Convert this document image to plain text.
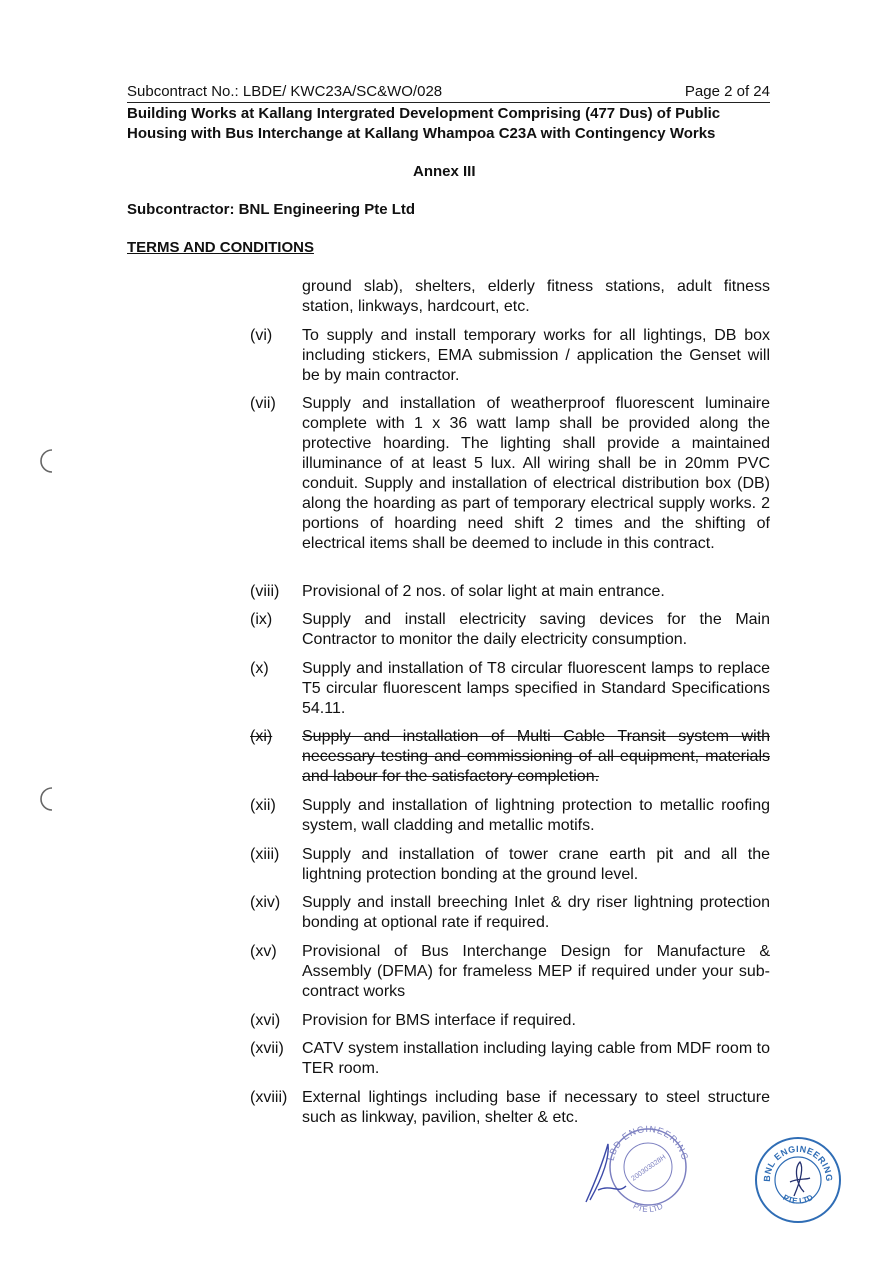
Subcontract No.: LBDE/ KWC23A/SC&WO/028	Page 2 of 24
Building Works at Kallang Intergrated Development Comprising (477 Dus) of Public Housing with Bus Interchange at Kallang Whampoa C23A with Contingency Works
Annex III
Subcontractor: BNL Engineering Pte Ltd
TERMS AND CONDITIONS
ground slab), shelters, elderly fitness stations, adult fitness station, linkways, hardcourt, etc.
(vi)	To supply and install temporary works for all lightings, DB box including stickers, EMA submission / application the Genset will be by main contractor.
(vii)	Supply and installation of weatherproof fluorescent luminaire complete with 1 x 36 watt lamp shall be provided along the protective hoarding. The lighting shall provide a maintained illuminance of at least 5 lux. All wiring shall be in 20mm PVC conduit. Supply and installation of electrical distribution box (DB) along the hoarding as part of temporary electrical supply works. 2 portions of hoarding need shift 2 times and the shifting of electrical items shall be deemed to include in this contract.
(viii)	Provisional of 2 nos. of solar light at main entrance.
(ix)	Supply and install electricity saving devices for the Main Contractor to monitor the daily electricity consumption.
(x)	Supply and installation of T8 circular fluorescent lamps to replace T5 circular fluorescent lamps specified in Standard Specifications 54.11.
(xi)	Supply and installation of Multi Cable Transit system with necessary testing and commissioning of all equipment, materials and labour for the satisfactory completion.
(xii)	Supply and installation of lightning protection to metallic roofing system, wall cladding and metallic motifs.
(xiii)	Supply and installation of tower crane earth pit and all the lightning protection bonding at the ground level.
(xiv)	Supply and install breeching Inlet & dry riser lightning protection bonding at optional rate if required.
(xv)	Provisional of Bus Interchange Design for Manufacture & Assembly (DFMA) for frameless MEP if required under your sub-contract works
(xvi)	Provision for BMS interface if required.
(xvii)	CATV system installation including laying cable from MDF room to TER room.
(xviii) External lightings including base if necessary to steel structure such as linkway, pavilion, shelter & etc.
LBD ENGINEERING
PTE LTD
200303028H	BNL ENGINEERING
PTE LTD
